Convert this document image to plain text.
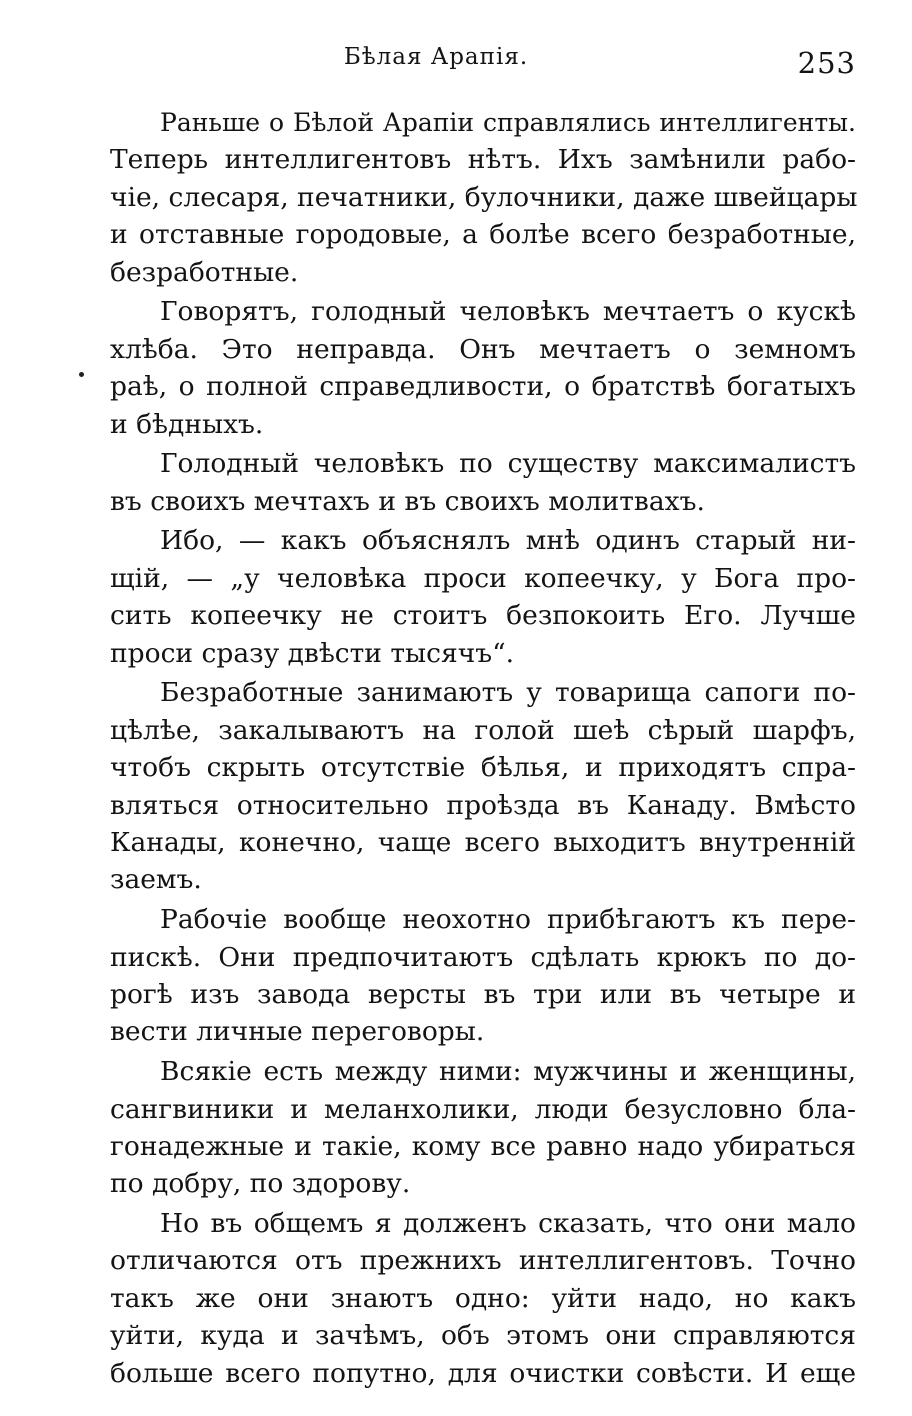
Бѣлая Арапія.	253
Раньше о Бѣлой Арапіи справлялись интеллигенты.
Теперь интеллигентовъ нѣтъ. Ихъ замѣнили рабо-
чіе, слесаря, печатники, булочники, даже швейцары
и отставные городовые, а болѣе всего безработные,
безработные.
Говорятъ, голодный человѣкъ мечтаетъ о кускѣ
хлѣба. Это неправда. Онъ мечтаетъ о земномъ
раѣ, о полной справедливости, о братствѣ богатыхъ
и бѣдныхъ.
Голодный человѣкъ по существу максималистъ
въ своихъ мечтахъ и въ своихъ молитвахъ.
Ибо, — какъ объяснялъ мнѣ одинъ старый ни-
щій, — „у человѣка проси копеечку, у Бога про-
сить копеечку не стоитъ безпокоить Его. Лучше
проси сразу двѣсти тысячъ“.
Безработные занимаютъ у товарища сапоги по-
цѣлѣе, закалываютъ на голой шеѣ сѣрый шарфъ,
чтобъ скрыть отсутствіе бѣлья, и приходятъ спра-
вляться относительно проѣзда въ Канаду. Вмѣсто
Канады, конечно, чаще всего выходитъ внутренній
заемъ.
Рабочіе вообще неохотно прибѣгаютъ къ пере-
пискѣ. Они предпочитаютъ сдѣлать крюкъ по до-
рогѣ изъ завода версты въ три или въ четыре и
вести личные переговоры.
Всякіе есть между ними: мужчины и женщины,
сангвиники и меланхолики, люди безусловно бла-
гонадежные и такіе, кому все равно надо убираться
по добру, по здорову.
Но въ общемъ я долженъ сказать, что они мало
отличаются отъ прежнихъ интеллигентовъ. Точно
такъ же они знаютъ одно: уйти надо, но какъ
уйти, куда и зачѣмъ, объ этомъ они справляются
больше всего попутно, для очистки совѣсти. И еще
